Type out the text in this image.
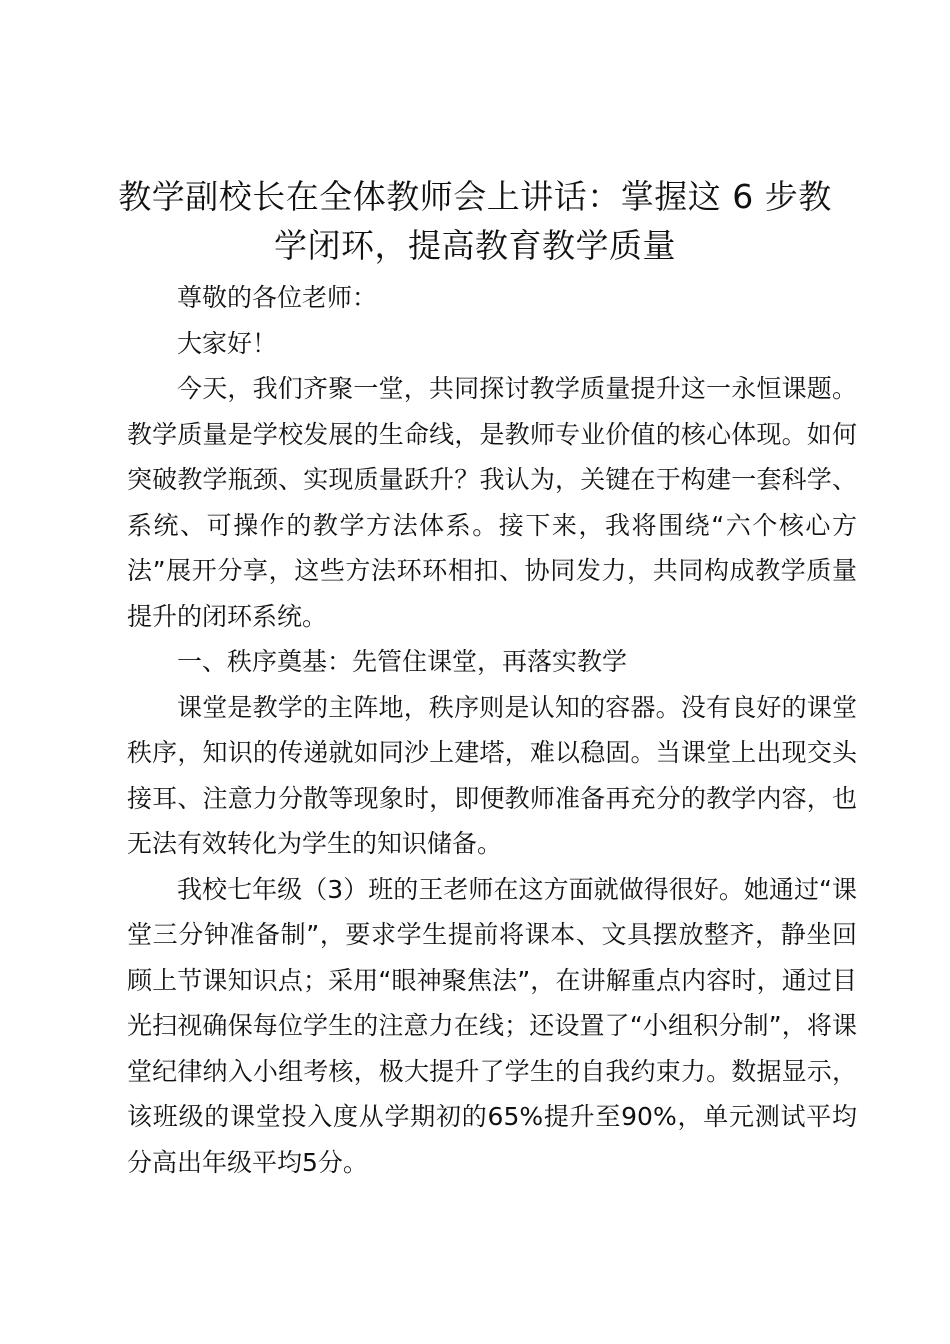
教学副校长在全体教师会上讲话：掌握这 6 步教学闭环，提高教育教学质量

尊敬的各位老师：

大家好！

今天，我们齐聚一堂，共同探讨教学质量提升这一永恒课题。教学质量是学校发展的生命线，是教师专业价值的核心体现。如何突破教学瓶颈、实现质量跃升？我认为，关键在于构建一套科学、系统、可操作的教学方法体系。接下来，我将围绕“六个核心方法”展开分享，这些方法环环相扣、协同发力，共同构成教学质量提升的闭环系统。

一、秩序奠基：先管住课堂，再落实教学

课堂是教学的主阵地，秩序则是认知的容器。没有良好的课堂秩序，知识的传递就如同沙上建塔，难以稳固。当课堂上出现交头接耳、注意力分散等现象时，即便教师准备再充分的教学内容，也无法有效转化为学生的知识储备。

我校七年级（3）班的王老师在这方面就做得很好。她通过“课堂三分钟准备制”，要求学生提前将课本、文具摆放整齐，静坐回顾上节课知识点；采用“眼神聚焦法”，在讲解重点内容时，通过目光扫视确保每位学生的注意力在线；还设置了“小组积分制”，将课堂纪律纳入小组考核，极大提升了学生的自我约束力。数据显示，该班级的课堂投入度从学期初的65%提升至90%，单元测试平均分高出年级平均5分。
